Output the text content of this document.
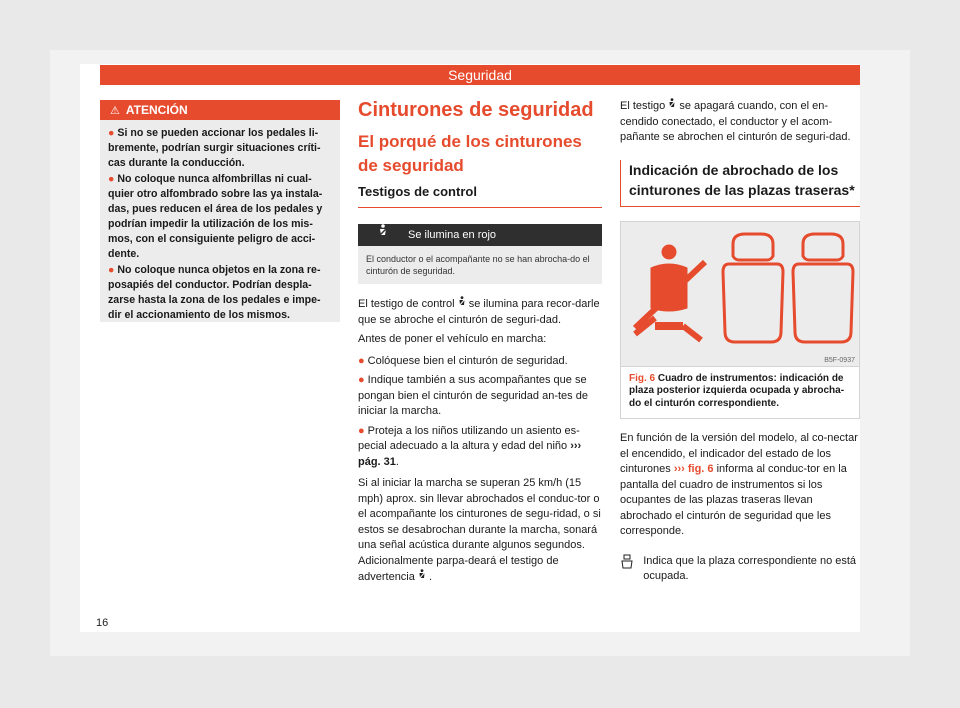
Seguridad
⚠ ATENCIÓN
● Si no se pueden accionar los pedales li-bremente, podrían surgir situaciones críti-cas durante la conducción.
● No coloque nunca alfombrillas ni cual-quier otro alfombrado sobre las ya instala-das, pues reducen el área de los pedales y podrían impedir la utilización de los mis-mos, con el consiguiente peligro de acci-dente.
● No coloque nunca objetos en la zona re-posapiés del conductor. Podrían despla-zarse hasta la zona de los pedales e impe-dir el accionamiento de los mismos.
Cinturones de seguridad
El porqué de los cinturones de seguridad
Testigos de control
Se ilumina en rojo
El conductor o el acompañante no se han abrocha-do el cinturón de seguridad.

El testigo de control se ilumina para recor-darle que se abroche el cinturón de seguri-dad.

Antes de poner el vehículo en marcha:

● Colóquese bien el cinturón de seguridad.

● Indique también a sus acompañantes que se pongan bien el cinturón de seguridad an-tes de iniciar la marcha.

● Proteja a los niños utilizando un asiento es-pecial adecuado a la altura y edad del niño ››› pág. 31.

Si al iniciar la marcha se superan 25 km/h (15 mph) aprox. sin llevar abrochados el conduc-tor o el acompañante los cinturones de segu-ridad, o si estos se desabrochan durante la marcha, sonará una señal acústica durante algunos segundos. Adicionalmente parpa-deará el testigo de advertencia .

El testigo se apagará cuando, con el en-cendido conectado, el conductor y el acom-pañante se abrochen el cinturón de seguri-dad.

Indicación de abrochado de los cinturones de las plazas traseras*
B5F-0937
Fig. 6 Cuadro de instrumentos: indicación de plaza posterior izquierda ocupada y abrocha-do el cinturón correspondiente.

En función de la versión del modelo, al co-nectar el encendido, el indicador del estado de los cinturones ››› fig. 6 informa al conduc-tor en la pantalla del cuadro de instrumentos si los ocupantes de las plazas traseras llevan abrochado el cinturón de seguridad que les corresponde.

Indica que la plaza correspondiente no está ocupada.
16
